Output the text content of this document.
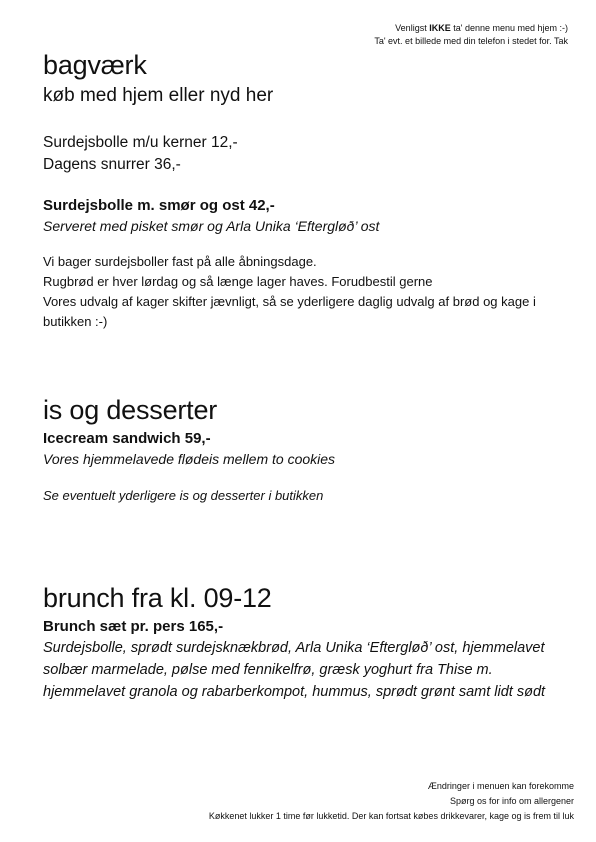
Venligst IKKE ta' denne menu med hjem :-)
Ta' evt. et billede med din telefon i stedet for. Tak
bagværk

køb med hjem eller nyd her

Surdejsbolle m/u kerner 12,-

Dagens snurrer 36,-

Surdejsbolle m. smør og ost 42,-

Serveret med pisket smør og Arla Unika ‘Eftergløð’ ost

Vi bager surdejsboller fast på alle åbningsdage.

Rugbrød er hver lørdag og så længe lager haves. Forudbestil gerne

Vores udvalg af kager skifter jævnligt, så se yderligere daglig udvalg af brød og kage i butikken :-)

is og desserter

Icecream sandwich 59,-

Vores hjemmelavede flødeis mellem to cookies

Se eventuelt yderligere is og desserter i butikken

brunch fra kl. 09-12

Brunch sæt pr. pers 165,-

Surdejsbolle, sprødt surdejsknækbrød, Arla Unika ‘Eftergløð’ ost, hjemmelavet solbær marmelade, pølse med fennikelfrø, græsk yoghurt fra Thise m. hjemmelavet granola og rabarberkompot, hummus, sprødt grønt samt lidt sødt

Ændringer i menuen kan forekomme
Spørg os for info om allergener
Køkkenet lukker 1 time før lukketid. Der kan fortsat købes drikkevarer, kage og is frem til luk
